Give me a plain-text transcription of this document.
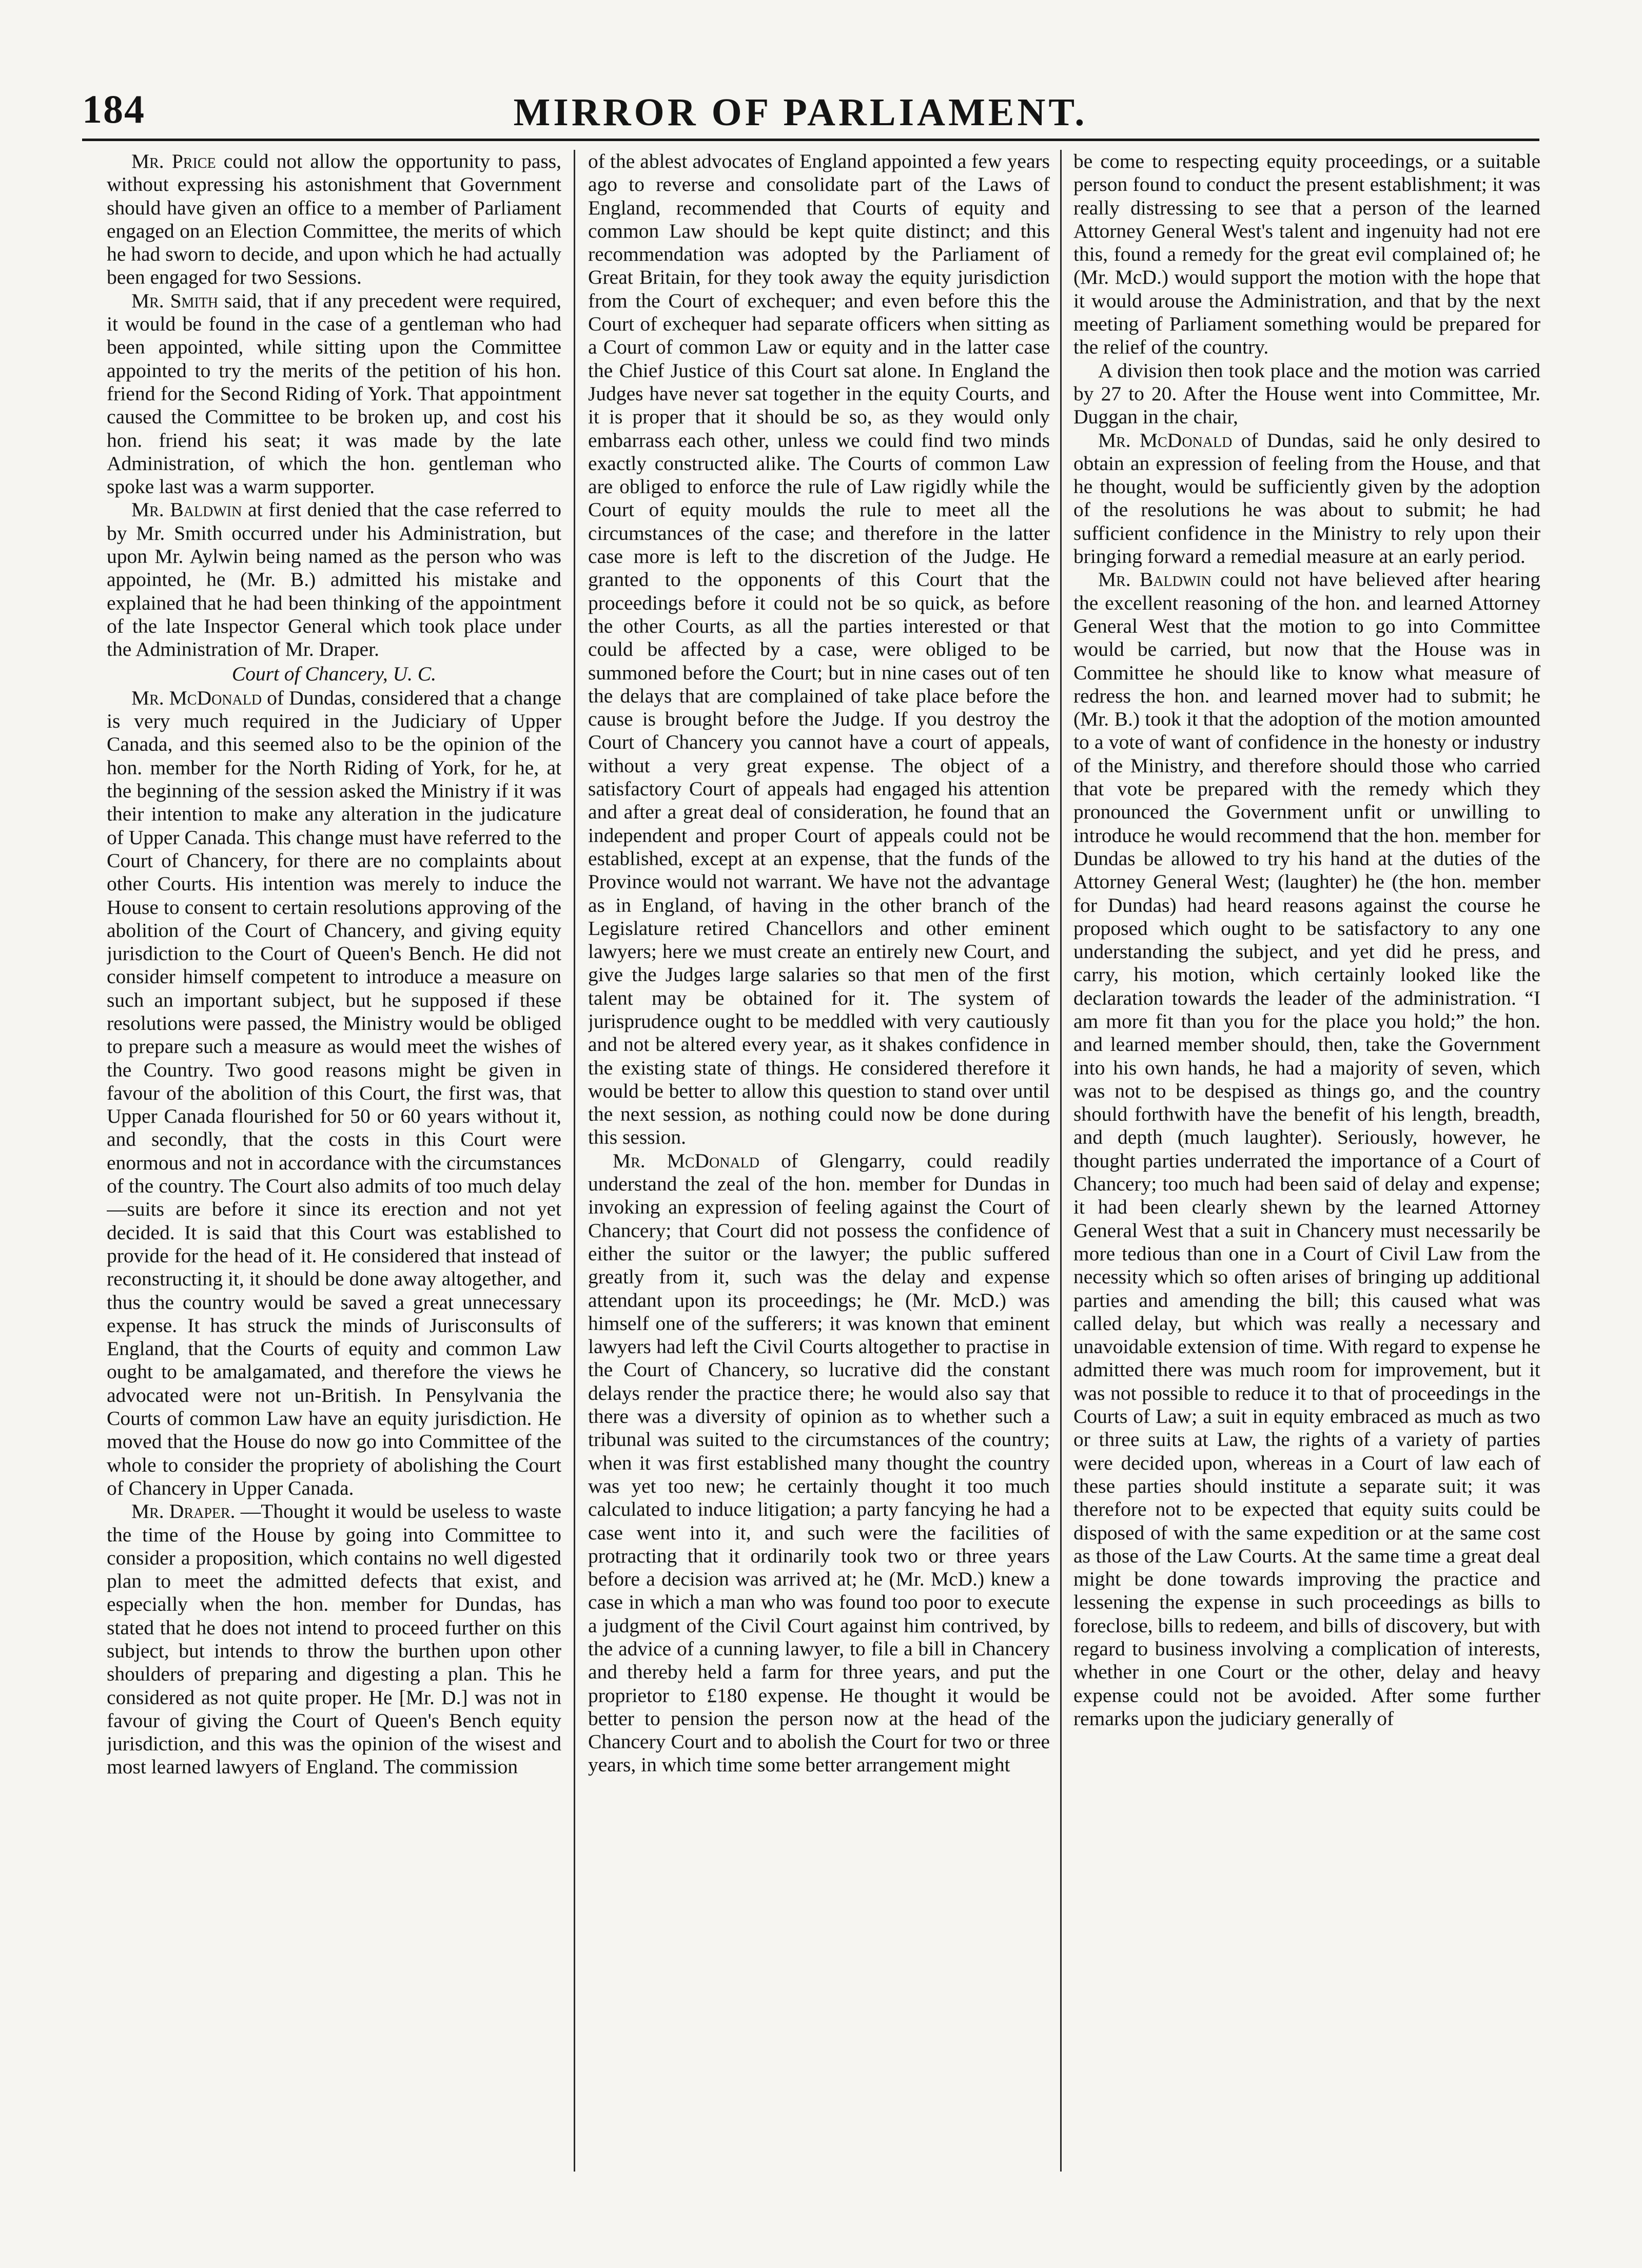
184	MIRROR OF PARLIAMENT.

Mr. Price could not allow the opportunity to pass, without expressing his astonishment that Government should have given an office to a member of Parliament engaged on an Election Committee, the merits of which he had sworn to decide, and upon which he had actually been engaged for two Sessions.

Mr. Smith said, that if any precedent were required, it would be found in the case of a gentleman who had been appointed, while sitting upon the Committee appointed to try the merits of the petition of his hon. friend for the Second Riding of York. That appointment caused the Committee to be broken up, and cost his hon. friend his seat; it was made by the late Administration, of which the hon. gentleman who spoke last was a warm supporter.

Mr. Baldwin at first denied that the case referred to by Mr. Smith occurred under his Administration, but upon Mr. Aylwin being named as the person who was appointed, he (Mr. B.) admitted his mistake and explained that he had been thinking of the appointment of the late Inspector General which took place under the Administration of Mr. Draper.

Court of Chancery, U. C.

Mr. McDonald of Dundas, considered that a change is very much required in the Judiciary of Upper Canada, and this seemed also to be the opinion of the hon. member for the North Riding of York, for he, at the beginning of the session asked the Ministry if it was their intention to make any alteration in the judicature of Upper Canada. This change must have referred to the Court of Chancery, for there are no complaints about other Courts. His intention was merely to induce the House to consent to certain resolutions approving of the abolition of the Court of Chancery, and giving equity jurisdiction to the Court of Queen's Bench. He did not consider himself competent to introduce a measure on such an important subject, but he supposed if these resolutions were passed, the Ministry would be obliged to prepare such a measure as would meet the wishes of the Country. Two good reasons might be given in favour of the abolition of this Court, the first was, that Upper Canada flourished for 50 or 60 years without it, and secondly, that the costs in this Court were enormous and not in accordance with the circumstances of the country. The Court also admits of too much delay—suits are before it since its erection and not yet decided. It is said that this Court was established to provide for the head of it. He considered that instead of reconstructing it, it should be done away altogether, and thus the country would be saved a great unnecessary expense. It has struck the minds of Jurisconsults of England, that the Courts of equity and common Law ought to be amalgamated, and therefore the views he advocated were not un-British. In Pensylvania the Courts of common Law have an equity jurisdiction. He moved that the House do now go into Committee of the whole to consider the propriety of abolishing the Court of Chancery in Upper Canada.

Mr. Draper. —Thought it would be useless to waste the time of the House by going into Committee to consider a proposition, which contains no well digested plan to meet the admitted defects that exist, and especially when the hon. member for Dundas, has stated that he does not intend to proceed further on this subject, but intends to throw the burthen upon other shoulders of preparing and digesting a plan. This he considered as not quite proper. He [Mr. D.] was not in favour of giving the Court of Queen's Bench equity jurisdiction, and this was the opinion of the wisest and most learned lawyers of England. The commission

of the ablest advocates of England appointed a few years ago to reverse and consolidate part of the Laws of England, recommended that Courts of equity and common Law should be kept quite distinct; and this recommendation was adopted by the Parliament of Great Britain, for they took away the equity jurisdiction from the Court of exchequer; and even before this the Court of exchequer had separate officers when sitting as a Court of common Law or equity and in the latter case the Chief Justice of this Court sat alone. In England the Judges have never sat together in the equity Courts, and it is proper that it should be so, as they would only embarrass each other, unless we could find two minds exactly constructed alike. The Courts of common Law are obliged to enforce the rule of Law rigidly while the Court of equity moulds the rule to meet all the circumstances of the case; and therefore in the latter case more is left to the discretion of the Judge. He granted to the opponents of this Court that the proceedings before it could not be so quick, as before the other Courts, as all the parties interested or that could be affected by a case, were obliged to be summoned before the Court; but in nine cases out of ten the delays that are complained of take place before the cause is brought before the Judge. If you destroy the Court of Chancery you cannot have a court of appeals, without a very great expense. The object of a satisfactory Court of appeals had engaged his attention and after a great deal of consideration, he found that an independent and proper Court of appeals could not be established, except at an expense, that the funds of the Province would not warrant. We have not the advantage as in England, of having in the other branch of the Legislature retired Chancellors and other eminent lawyers; here we must create an entirely new Court, and give the Judges large salaries so that men of the first talent may be obtained for it. The system of jurisprudence ought to be meddled with very cautiously and not be altered every year, as it shakes confidence in the existing state of things. He considered therefore it would be better to allow this question to stand over until the next session, as nothing could now be done during this session.

Mr. McDonald of Glengarry, could readily understand the zeal of the hon. member for Dundas in invoking an expression of feeling against the Court of Chancery; that Court did not possess the confidence of either the suitor or the lawyer; the public suffered greatly from it, such was the delay and expense attendant upon its proceedings; he (Mr. McD.) was himself one of the sufferers; it was known that eminent lawyers had left the Civil Courts altogether to practise in the Court of Chancery, so lucrative did the constant delays render the practice there; he would also say that there was a diversity of opinion as to whether such a tribunal was suited to the circumstances of the country; when it was first established many thought the country was yet too new; he certainly thought it too much calculated to induce litigation; a party fancying he had a case went into it, and such were the facilities of protracting that it ordinarily took two or three years before a decision was arrived at; he (Mr. McD.) knew a case in which a man who was found too poor to execute a judgment of the Civil Court against him contrived, by the advice of a cunning lawyer, to file a bill in Chancery and thereby held a farm for three years, and put the proprietor to £180 expense. He thought it would be better to pension the person now at the head of the Chancery Court and to abolish the Court for two or three years, in which time some better arrangement might

be come to respecting equity proceedings, or a suitable person found to conduct the present establishment; it was really distressing to see that a person of the learned Attorney General West's talent and ingenuity had not ere this, found a remedy for the great evil complained of; he (Mr. McD.) would support the motion with the hope that it would arouse the Administration, and that by the next meeting of Parliament something would be prepared for the relief of the country.

A division then took place and the motion was carried by 27 to 20. After the House went into Committee, Mr. Duggan in the chair,

Mr. McDonald of Dundas, said he only desired to obtain an expression of feeling from the House, and that he thought, would be sufficiently given by the adoption of the resolutions he was about to submit; he had sufficient confidence in the Ministry to rely upon their bringing forward a remedial measure at an early period.

Mr. Baldwin could not have believed after hearing the excellent reasoning of the hon. and learned Attorney General West that the motion to go into Committee would be carried, but now that the House was in Committee he should like to know what measure of redress the hon. and learned mover had to submit; he (Mr. B.) took it that the adoption of the motion amounted to a vote of want of confidence in the honesty or industry of the Ministry, and therefore should those who carried that vote be prepared with the remedy which they pronounced the Government unfit or unwilling to introduce he would recommend that the hon. member for Dundas be allowed to try his hand at the duties of the Attorney General West; (laughter) he (the hon. member for Dundas) had heard reasons against the course he proposed which ought to be satisfactory to any one understanding the subject, and yet did he press, and carry, his motion, which certainly looked like the declaration towards the leader of the administration. “I am more fit than you for the place you hold;” the hon. and learned member should, then, take the Government into his own hands, he had a majority of seven, which was not to be despised as things go, and the country should forthwith have the benefit of his length, breadth, and depth (much laughter). Seriously, however, he thought parties underrated the importance of a Court of Chancery; too much had been said of delay and expense; it had been clearly shewn by the learned Attorney General West that a suit in Chancery must necessarily be more tedious than one in a Court of Civil Law from the necessity which so often arises of bringing up additional parties and amending the bill; this caused what was called delay, but which was really a necessary and unavoidable extension of time. With regard to expense he admitted there was much room for improvement, but it was not possible to reduce it to that of proceedings in the Courts of Law; a suit in equity embraced as much as two or three suits at Law, the rights of a variety of parties were decided upon, whereas in a Court of law each of these parties should institute a separate suit; it was therefore not to be expected that equity suits could be disposed of with the same expedition or at the same cost as those of the Law Courts. At the same time a great deal might be done towards improving the practice and lessening the expense in such proceedings as bills to foreclose, bills to redeem, and bills of discovery, but with regard to business involving a complication of interests, whether in one Court or the other, delay and heavy expense could not be avoided. After some further remarks upon the judiciary generally of
